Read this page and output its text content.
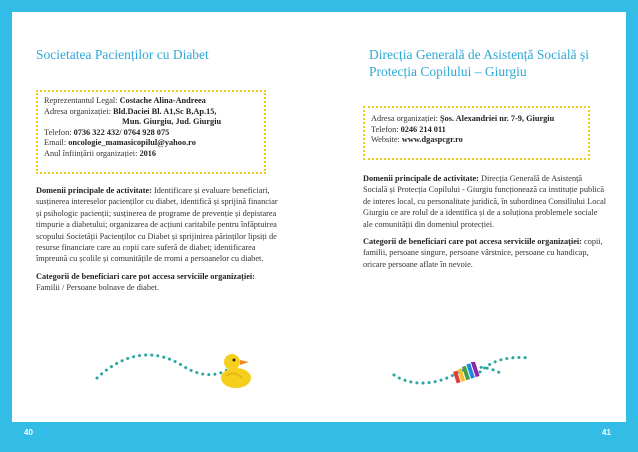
Societatea Pacienților cu Diabet
Reprezentantul Legal: Costache Alina-Andreea
Adresa organizației: Bld.Daciei Bl. A1,Sc B,Ap.15,
Mun. Giurgiu, Jud. Giurgiu
Telefon: 0736 322 432/ 0764 928 075
Email: oncologie_mamasicopilul@yahoo.ro
Anul înființării organizației: 2016

Domenii principale de activitate: Identificare și evaluare beneficiari, susținerea intereselor pacienților cu diabet, identifică și sprijină financiar și psihologic pacienții; susținerea de programe de prevenție și depistarea timpurie a diabetului; organizarea de acțiuni caritabile pentru înfăptuirea scopului Societății Pacienților cu Diabet și sprijinirea părinților lipsiți de resurse financiare care au copii care suferă de diabet; identificarea împreună cu școlile și comunitățile de rromi a persoanelor cu diabet.

Categorii de beneficiari care pot accesa serviciile organizației: Familii / Persoane bolnave de diabet.

40
Direcția Generală de Asistență Socială și
Protecția Copilului – Giurgiu
Adresa organizației: Șos. Alexandriei nr. 7-9, Giurgiu
Telefon: 0246 214 011
Website: www.dgaspcgr.ro

Domenii principale de activitate: Direcția Generală de Asistență Socială și Protecția Copilului - Giurgiu funcționează ca instituție publică de interes local, cu personalitate juridică, în subordinea Consiliului Local Giurgiu ce are rolul de a identifica și de a soluționa problemele sociale ale comunității din domeniul protecției.

Categorii de beneficiari care pot accesa serviciile organizației: copii, familii, persoane singure, persoane vârstnice, persoane cu handicap, oricare persoane aflate în nevoie.

41
